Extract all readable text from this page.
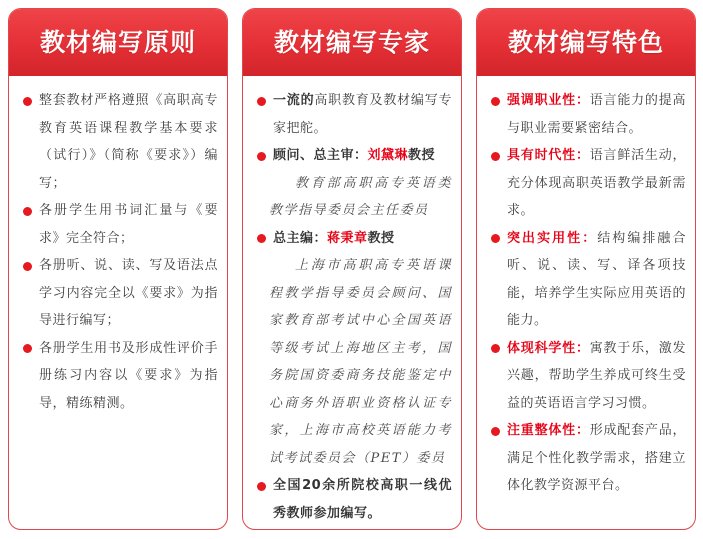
教材编写原则
整套教材严格遵照《高职高专教育英语课程教学基本要求（试行）》（简称《要求》）编写；
各册学生用书词汇量与《要求》完全符合；
各册听、说、读、写及语法点学习内容完全以《要求》为指导进行编写；
各册学生用书及形成性评价手册练习内容以《要求》为指导，精练精测。
教材编写专家
一流的高职教育及教材编写专家把舵。
顾问、总主审：刘黛琳教授
教育部高职高专英语类教学指导委员会主任委员
总主编：蒋秉章教授
上海市高职高专英语课程教学指导委员会顾问、国家教育部考试中心全国英语等级考试上海地区主考，国务院国资委商务技能鉴定中心商务外语职业资格认证专家，上海市高校英语能力考试考试委员会（PET）委员
全国20余所院校高职一线优秀教师参加编写。
教材编写特色
强调职业性：语言能力的提高与职业需要紧密结合。
具有时代性：语言鲜活生动，充分体现高职英语教学最新需求。
突出实用性：结构编排融合听、说、读、写、译各项技能，培养学生实际应用英语的能力。
体现科学性：寓教于乐，激发兴趣，帮助学生养成可终生受益的英语语言学习习惯。
注重整体性：形成配套产品，满足个性化教学需求，搭建立体化教学资源平台。
